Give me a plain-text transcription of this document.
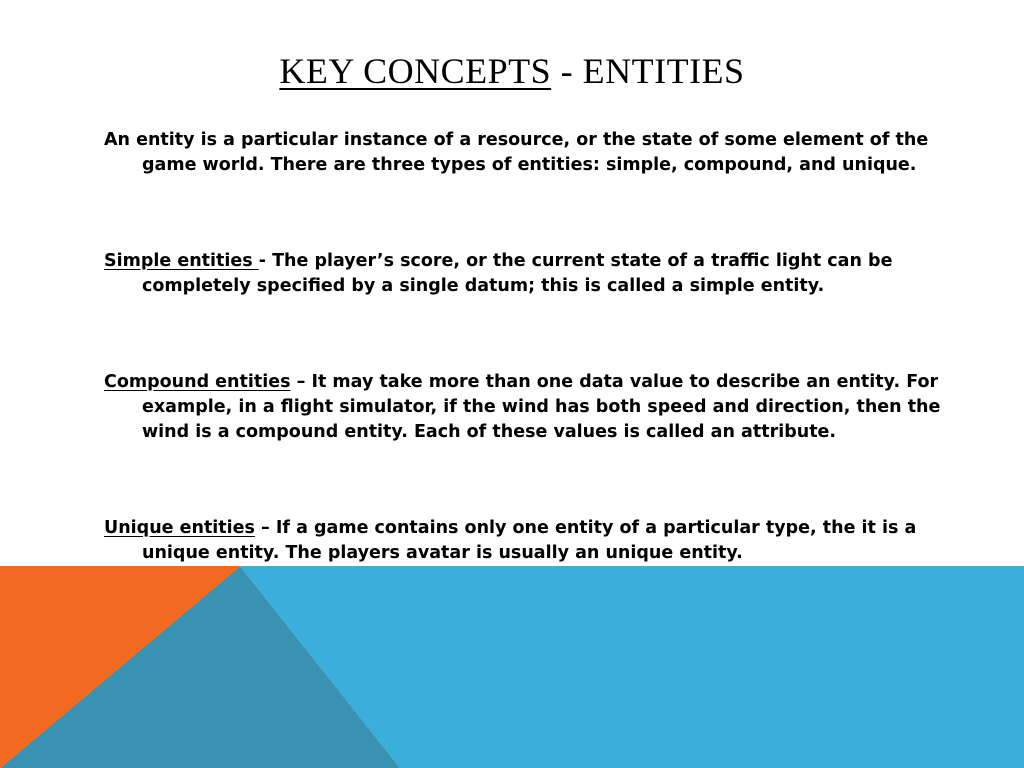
KEY CONCEPTS - ENTITIES

An entity is a particular instance of a resource, or the state of some element of the game world. There are three types of entities: simple, compound, and unique.

Simple entities - The player’s score, or the current state of a traffic light can be completely specified by a single datum; this is called a simple entity.

Compound entities – It may take more than one data value to describe an entity. For example, in a flight simulator, if the wind has both speed and direction, then the wind is a compound entity. Each of these values is called an attribute.

Unique entities – If a game contains only one entity of a particular type, the it is a unique entity. The players avatar is usually an unique entity.
